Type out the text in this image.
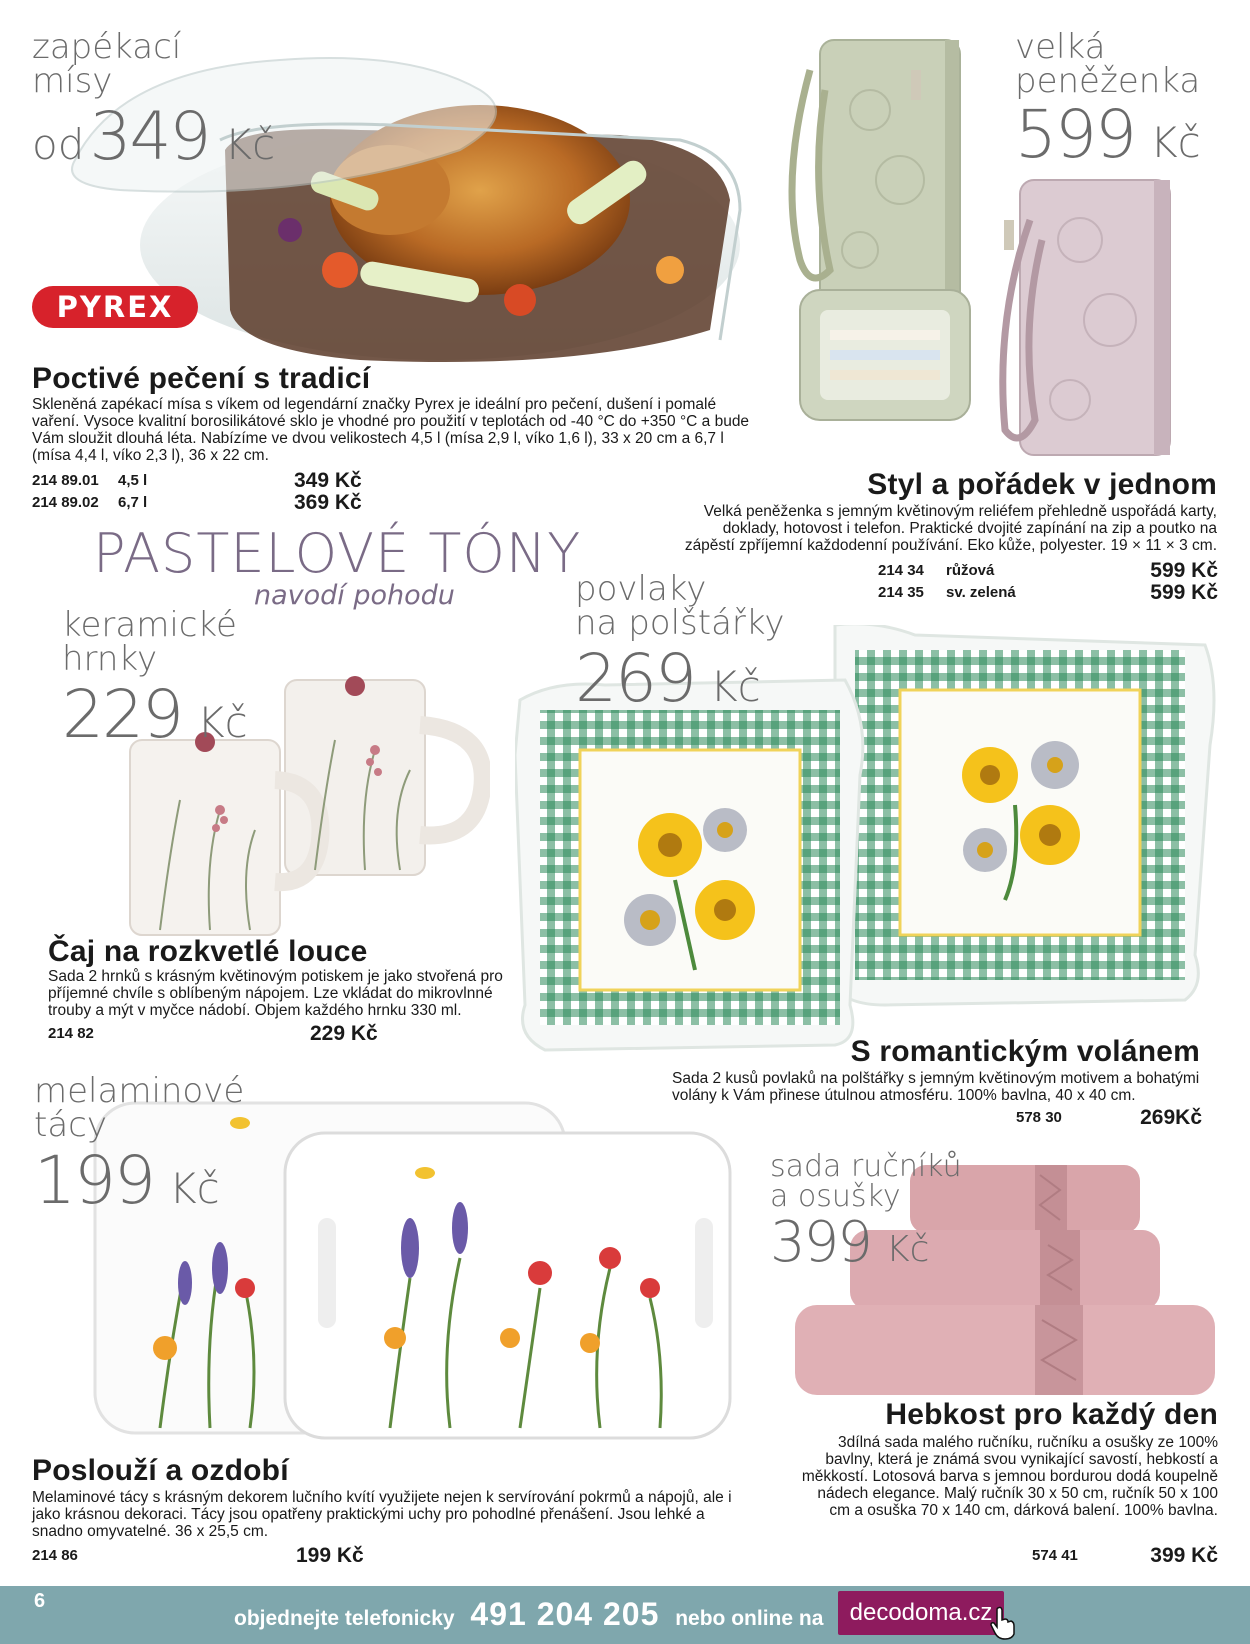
zapékací
mísy
od 349 Kč
PYREX
Poctivé pečení s tradicí
Skleněná zapékací mísa s víkem od legendární značky Pyrex je ideální pro pečení, dušení i pomalé vaření. Vysoce kvalitní borosilikátové sklo je vhodné pro použití v teplotách od -40 °C do +350 °C a bude Vám sloužit dlouhá léta. Nabízíme ve dvou velikostech 4,5 l (mísa 2,9 l, víko 1,6 l), 33 x 20 cm a 6,7 l (mísa 4,4 l, víko 2,3 l), 36 x 22 cm.
214 89.01 4,5 l	349 Kč
214 89.02 6,7 l	369 Kč
velká
peněženka
599 Kč
Styl a pořádek v jednom
Velká peněženka s jemným květinovým reliéfem přehledně uspořádá karty, doklady, hotovost i telefon. Praktické dvojité zapínání na zip a poutko na zápěstí zpříjemní každodenní používání. Eko kůže, polyester. 19 × 11 × 3 cm.
214 34 růžová	599 Kč
214 35 sv. zelená	599 Kč
PASTELOVÉ TÓNY
navodí pohodu
keramické
hrnky
229 Kč
Čaj na rozkvetlé louce
Sada 2 hrnků s krásným květinovým potiskem je jako stvořená pro příjemné chvíle s oblíbeným nápojem. Lze vkládat do mikrovlnné trouby a mýt v myčce nádobí. Objem každého hrnku 330 ml.
214 82	229 Kč
povlaky
na polštářky
269 Kč
S romantickým volánem
Sada 2 kusů povlaků na polštářky s jemným květinovým motivem a bohatými volány k Vám přinese útulnou atmosféru. 100% bavlna, 40 x 40 cm.
578 30	269Kč
melaminové
tácy
199 Kč
Poslouží a ozdobí
Melaminové tácy s krásným dekorem lučního kvítí využijete nejen k servírování pokrmů a nápojů, ale i jako krásnou dekoraci. Tácy jsou opatřeny praktickými uchy pro pohodlné přenášení. Jsou lehké a snadno omyvatelné. 36 x 25,5 cm.
214 86	199 Kč
sada ručníků
a osušky
399 Kč
Hebkost pro každý den
3dílná sada malého ručníku, ručníku a osušky ze 100% bavlny, která je známá svou vynikající savostí, hebkostí a měkkostí. Lotosová barva s jemnou bordurou dodá koupelně nádech elegance. Malý ručník 30 x 50 cm, ručník 50 x 100 cm a osuška 70 x 140 cm, dárková balení. 100% bavlna.
574 41	399 Kč
6
objednejte telefonicky 491 204 205 nebo online na	decodoma.cz
